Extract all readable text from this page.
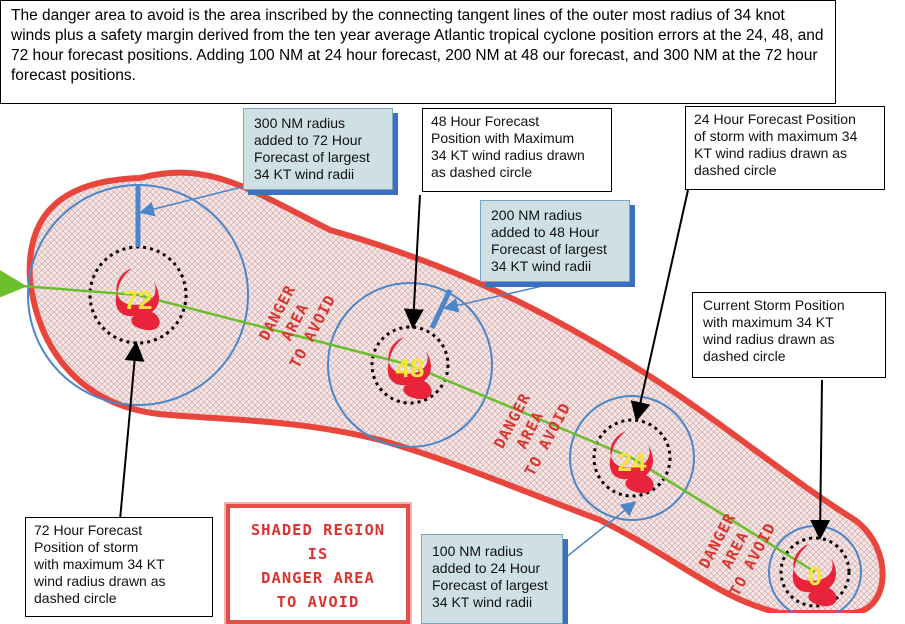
72
48
24
0
DANGER
AREA
TO AVOID
DANGER
AREA
TO AVOID
DANGER
AREA
TO AVOID
The danger area to avoid is the area inscribed by the connecting tangent lines of the outer most radius of 34 knot winds plus a safety margin derived from the ten year average Atlantic tropical cyclone position errors at the 24, 48, and 72 hour forecast positions. Adding 100 NM at 24 hour forecast, 200 NM at 48 our forecast, and 300 NM at the 72 hour forecast positions.
300 NM radius
added to 72 Hour
Forecast of largest
34 KT wind radii
48 Hour Forecast
Position with Maximum
34 KT wind radius drawn
as dashed circle
24 Hour Forecast Position
of storm with maximum 34
KT wind radius drawn as
dashed circle
200 NM radius
added to 48 Hour
Forecast of largest
34 KT wind radii
Current Storm Position
with maximum 34 KT
wind radius drawn as
dashed circle
72 Hour Forecast
Position of storm
with maximum 34 KT
wind radius drawn as
dashed circle
100 NM radius
added to 24 Hour
Forecast of largest
34 KT wind radii
SHADED REGION
IS
DANGER AREA
TO AVOID
